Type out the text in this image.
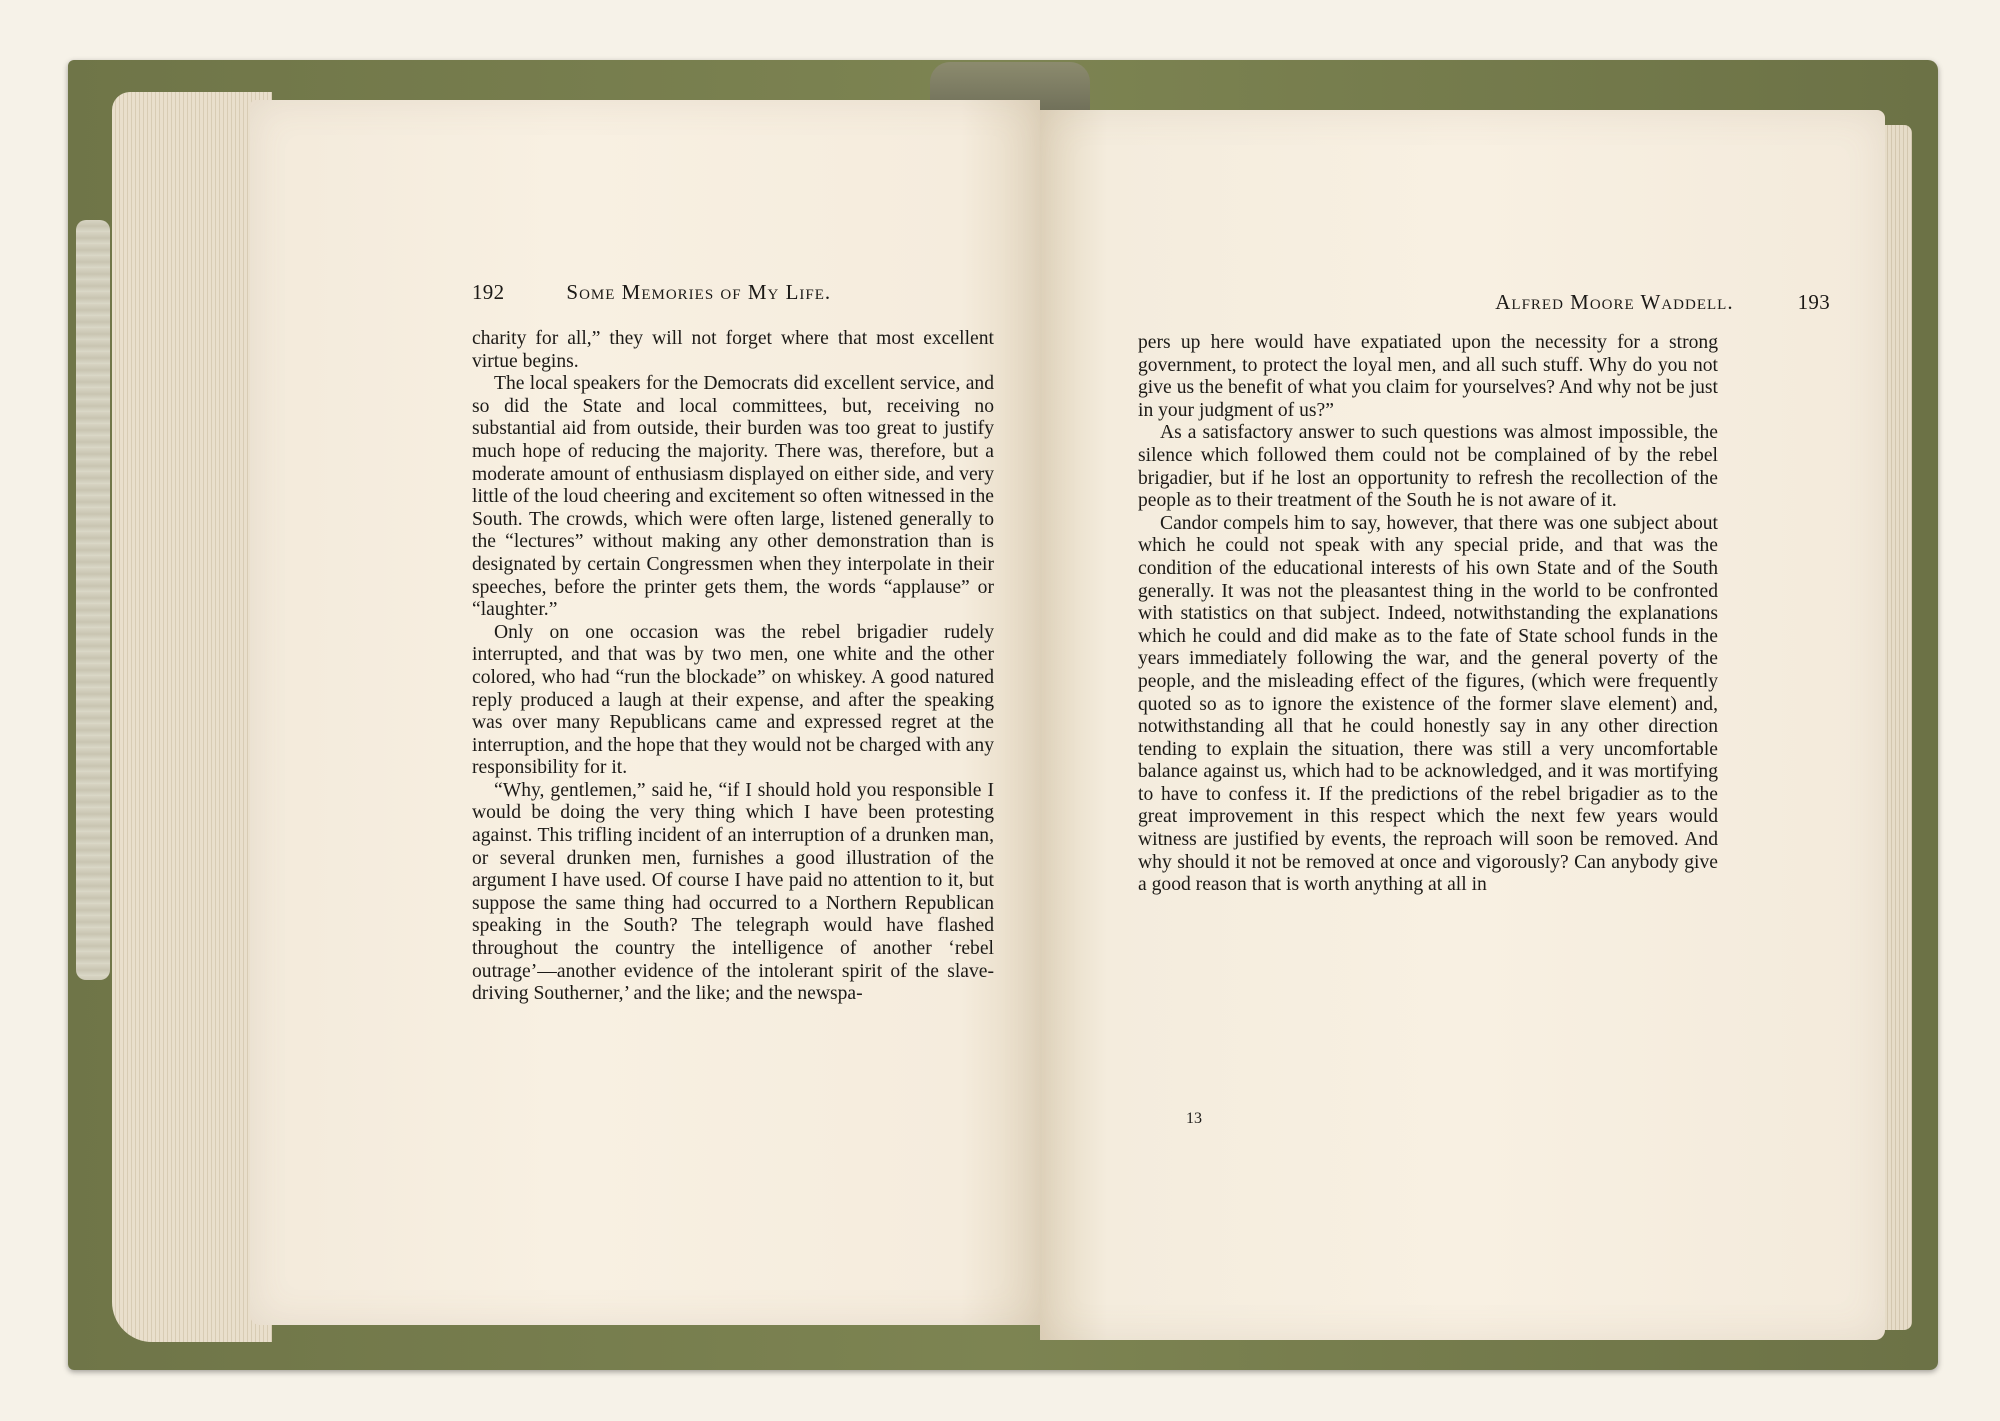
192	Some Memories of My Life.

charity for all,” they will not forget where that most excellent virtue begins.

The local speakers for the Democrats did excellent service, and so did the State and local committees, but, receiving no substantial aid from outside, their burden was too great to justify much hope of reducing the majority. There was, therefore, but a moderate amount of enthusiasm displayed on either side, and very little of the loud cheering and excitement so often witnessed in the South. The crowds, which were often large, listened generally to the “lectures” without making any other demonstration than is designated by certain Congressmen when they interpolate in their speeches, before the printer gets them, the words “applause” or “laughter.”

Only on one occasion was the rebel brigadier rudely interrupted, and that was by two men, one white and the other colored, who had “run the blockade” on whiskey. A good natured reply produced a laugh at their expense, and after the speaking was over many Republicans came and expressed regret at the interruption, and the hope that they would not be charged with any responsibility for it.

“Why, gentlemen,” said he, “if I should hold you responsible I would be doing the very thing which I have been protesting against. This trifling incident of an interruption of a drunken man, or several drunken men, furnishes a good illustration of the argument I have used. Of course I have paid no attention to it, but suppose the same thing had occurred to a Northern Republican speaking in the South? The telegraph would have flashed throughout the country the intelligence of another ‘rebel outrage’—another evidence of the intolerant spirit of the slave-driving Southerner,’ and the like; and the newspa-

Alfred Moore Waddell.	193

pers up here would have expatiated upon the necessity for a strong government, to protect the loyal men, and all such stuff. Why do you not give us the benefit of what you claim for yourselves? And why not be just in your judgment of us?”

As a satisfactory answer to such questions was almost impossible, the silence which followed them could not be complained of by the rebel brigadier, but if he lost an opportunity to refresh the recollection of the people as to their treatment of the South he is not aware of it.

Candor compels him to say, however, that there was one subject about which he could not speak with any special pride, and that was the condition of the educational interests of his own State and of the South generally. It was not the pleasantest thing in the world to be confronted with statistics on that subject. Indeed, notwithstanding the explanations which he could and did make as to the fate of State school funds in the years immediately following the war, and the general poverty of the people, and the misleading effect of the figures, (which were frequently quoted so as to ignore the existence of the former slave element) and, notwithstanding all that he could honestly say in any other direction tending to explain the situation, there was still a very uncomfortable balance against us, which had to be acknowledged, and it was mortifying to have to confess it. If the predictions of the rebel brigadier as to the great improvement in this respect which the next few years would witness are justified by events, the reproach will soon be removed. And why should it not be removed at once and vigorously? Can anybody give a good reason that is worth anything at all in

13
